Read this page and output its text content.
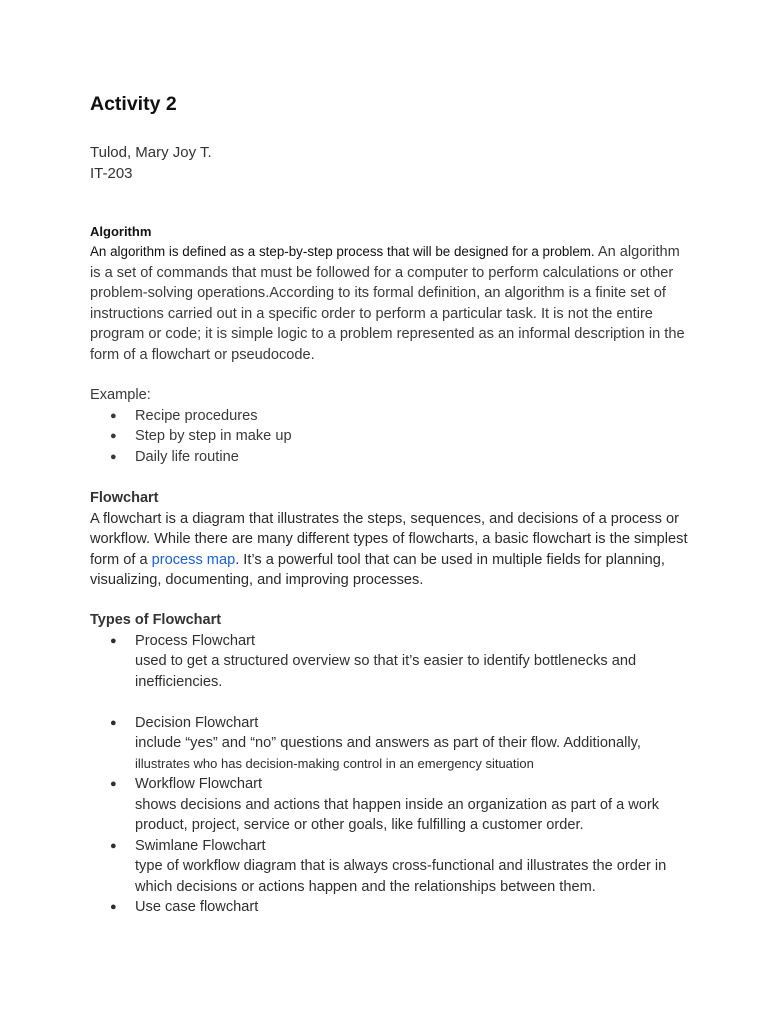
Activity 2
Tulod, Mary Joy T.
IT-203
Algorithm

An algorithm is defined as a step-by-step process that will be designed for a problem. An algorithm is a set of commands that must be followed for a computer to perform calculations or other problem-solving operations.According to its formal definition, an algorithm is a finite set of instructions carried out in a specific order to perform a particular task. It is not the entire program or code; it is simple logic to a problem represented as an informal description in the form of a flowchart or pseudocode.

Example:

● Recipe procedures
● Step by step in make up
● Daily life routine
Flowchart

A flowchart is a diagram that illustrates the steps, sequences, and decisions of a process or workflow. While there are many different types of flowcharts, a basic flowchart is the simplest form of a process map. It’s a powerful tool that can be used in multiple fields for planning, visualizing, documenting, and improving processes.

Types of Flowchart
● Process Flowchart
used to get a structured overview so that it’s easier to identify bottlenecks and inefficiencies.
● Decision Flowchart
include “yes” and “no” questions and answers as part of their flow. Additionally,
illustrates who has decision-making control in an emergency situation
● Workflow Flowchart
shows decisions and actions that happen inside an organization as part of a work product, project, service or other goals, like fulfilling a customer order.
● Swimlane Flowchart
type of workflow diagram that is always cross-functional and illustrates the order in which decisions or actions happen and the relationships between them.
● Use case flowchart
